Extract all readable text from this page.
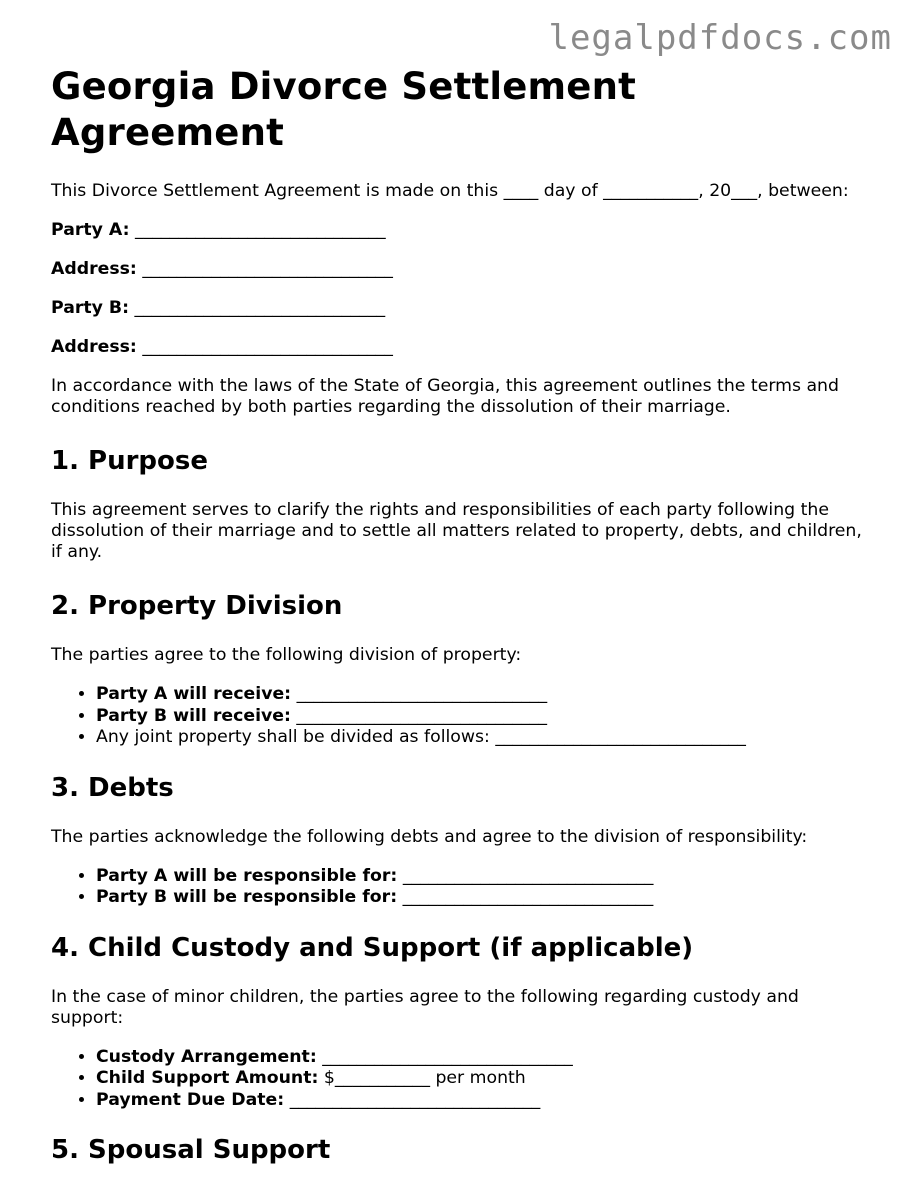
legalpdfdocs.com

Georgia Divorce Settlement Agreement

This Divorce Settlement Agreement is made on this ____ day of ___________, 20___, between:

Party A: _____________________________
Address: _____________________________
Party B: _____________________________
Address: _____________________________

In accordance with the laws of the State of Georgia, this agreement outlines the terms and conditions reached by both parties regarding the dissolution of their marriage.

1. Purpose

This agreement serves to clarify the rights and responsibilities of each party following the dissolution of their marriage and to settle all matters related to property, debts, and children, if any.

2. Property Division

The parties agree to the following division of property:

• Party A will receive: _____________________________
• Party B will receive: _____________________________
• Any joint property shall be divided as follows: _____________________________
3. Debts

The parties acknowledge the following debts and agree to the division of responsibility:

• Party A will be responsible for: _____________________________
• Party B will be responsible for: _____________________________
4. Child Custody and Support (if applicable)

In the case of minor children, the parties agree to the following regarding custody and support:

• Custody Arrangement: _____________________________
• Child Support Amount: $___________ per month
• Payment Due Date: _____________________________
5. Spousal Support
